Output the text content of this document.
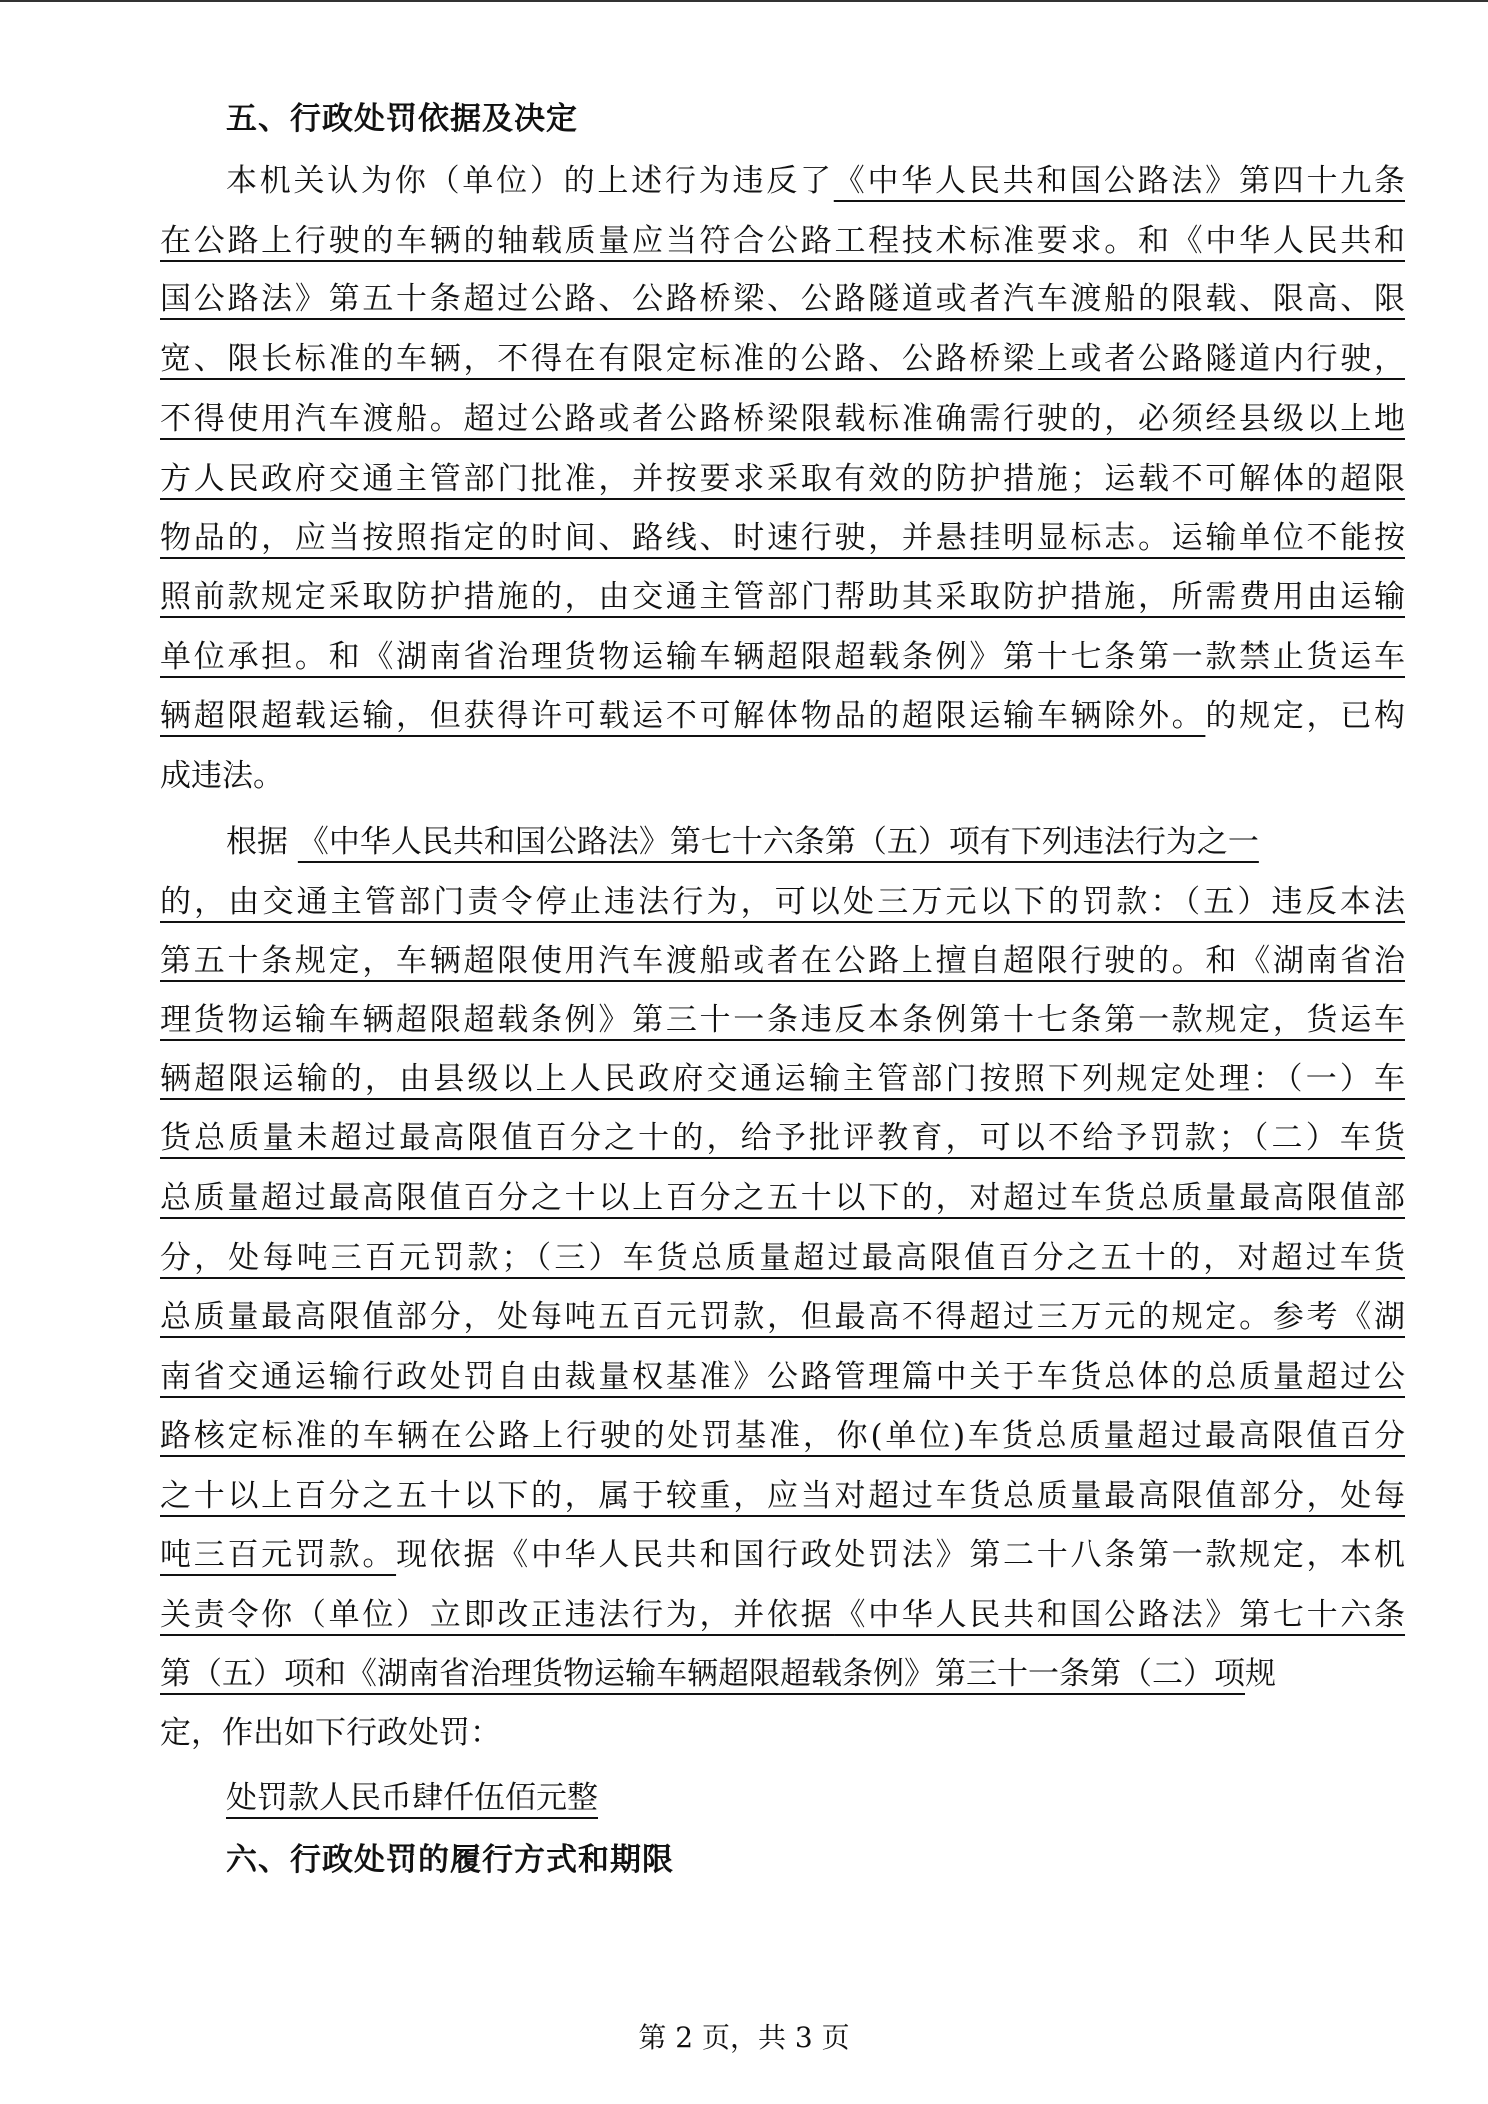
五、行政处罚依据及决定
本机关认为你（单位）的上述行为违反了《中华人民共和国公路法》第四十九条
在公路上行驶的车辆的轴载质量应当符合公路工程技术标准要求。和《中华人民共和
国公路法》第五十条超过公路、公路桥梁、公路隧道或者汽车渡船的限载、限高、限
宽、限长标准的车辆，不得在有限定标准的公路、公路桥梁上或者公路隧道内行驶，
不得使用汽车渡船。超过公路或者公路桥梁限载标准确需行驶的，必须经县级以上地
方人民政府交通主管部门批准，并按要求采取有效的防护措施；运载不可解体的超限
物品的，应当按照指定的时间、路线、时速行驶，并悬挂明显标志。运输单位不能按
照前款规定采取防护措施的，由交通主管部门帮助其采取防护措施，所需费用由运输
单位承担。和《湖南省治理货物运输车辆超限超载条例》第十七条第一款禁止货运车
辆超限超载运输，但获得许可载运不可解体物品的超限运输车辆除外。的规定，已构
成违法。
根据 《中华人民共和国公路法》第七十六条第（五）项有下列违法行为之一
的，由交通主管部门责令停止违法行为，可以处三万元以下的罚款：（五）违反本法
第五十条规定，车辆超限使用汽车渡船或者在公路上擅自超限行驶的。和《湖南省治
理货物运输车辆超限超载条例》第三十一条违反本条例第十七条第一款规定，货运车
辆超限运输的，由县级以上人民政府交通运输主管部门按照下列规定处理：（一）车
货总质量未超过最高限值百分之十的，给予批评教育，可以不给予罚款；（二）车货
总质量超过最高限值百分之十以上百分之五十以下的，对超过车货总质量最高限值部
分，处每吨三百元罚款；（三）车货总质量超过最高限值百分之五十的，对超过车货
总质量最高限值部分，处每吨五百元罚款，但最高不得超过三万元的规定。参考《湖
南省交通运输行政处罚自由裁量权基准》公路管理篇中关于车货总体的总质量超过公
路核定标准的车辆在公路上行驶的处罚基准，你(单位)车货总质量超过最高限值百分
之十以上百分之五十以下的，属于较重，应当对超过车货总质量最高限值部分，处每
吨三百元罚款。现依据《中华人民共和国行政处罚法》第二十八条第一款规定，本机
关责令你（单位）立即改正违法行为，并依据《中华人民共和国公路法》第七十六条
第（五）项和《湖南省治理货物运输车辆超限超载条例》第三十一条第（二）项规
定，作出如下行政处罚：
处罚款人民币肆仟伍佰元整
六、行政处罚的履行方式和期限
第 2 页，共 3 页
